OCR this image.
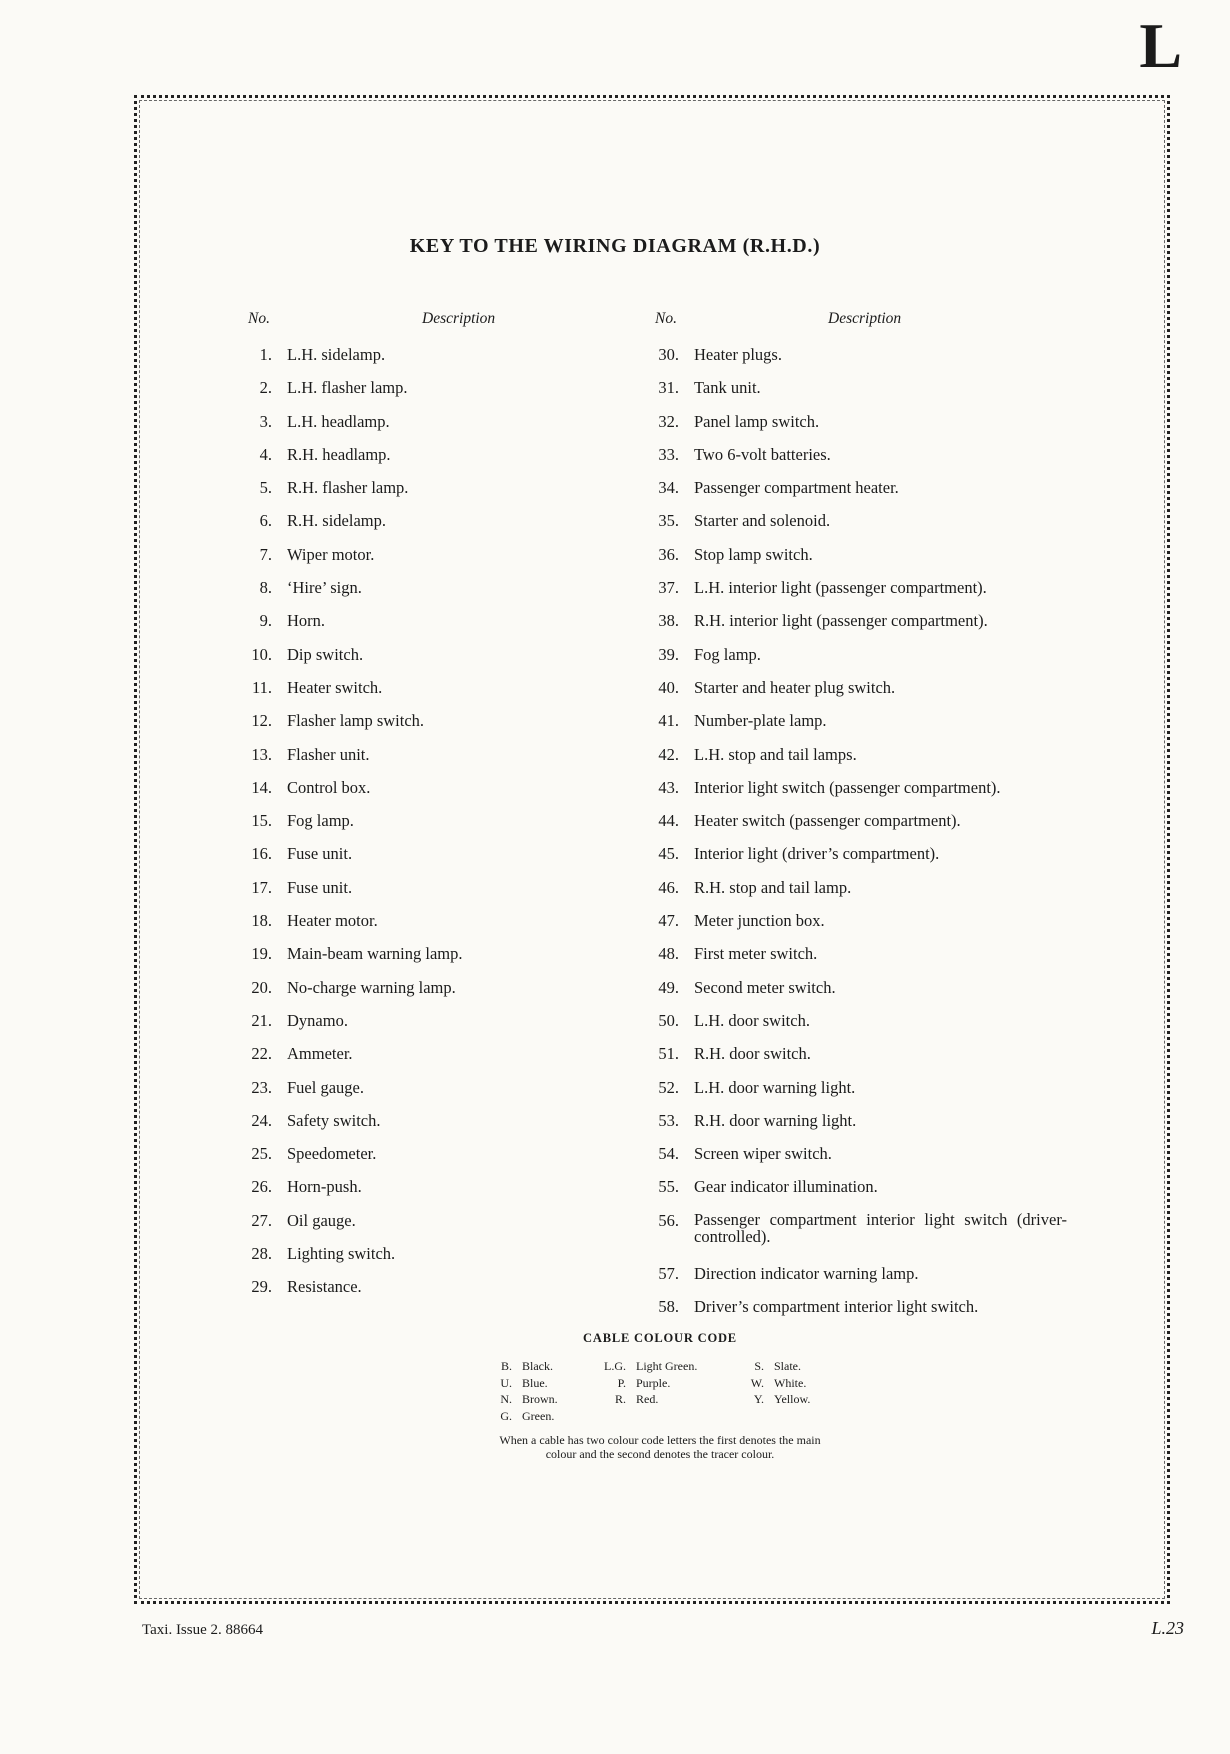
L
KEY TO THE WIRING DIAGRAM (R.H.D.)
No.	Description
1. L.H. sidelamp.
2. L.H. flasher lamp.
3. L.H. headlamp.
4. R.H. headlamp.
5. R.H. flasher lamp.
6. R.H. sidelamp.
7. Wiper motor.
8. ‘Hire’ sign.
9. Horn.
10. Dip switch.
11. Heater switch.
12. Flasher lamp switch.
13. Flasher unit.
14. Control box.
15. Fog lamp.
16. Fuse unit.
17. Fuse unit.
18. Heater motor.
19. Main-beam warning lamp.
20. No-charge warning lamp.
21. Dynamo.
22. Ammeter.
23. Fuel gauge.
24. Safety switch.
25. Speedometer.
26. Horn-push.
27. Oil gauge.
28. Lighting switch.
29. Resistance.
No.	Description
30. Heater plugs.
31. Tank unit.
32. Panel lamp switch.
33. Two 6-volt batteries.
34. Passenger compartment heater.
35. Starter and solenoid.
36. Stop lamp switch.
37. L.H. interior light (passenger compartment).
38. R.H. interior light (passenger compartment).
39. Fog lamp.
40. Starter and heater plug switch.
41. Number-plate lamp.
42. L.H. stop and tail lamps.
43. Interior light switch (passenger compartment).
44. Heater switch (passenger compartment).
45. Interior light (driver’s compartment).
46. R.H. stop and tail lamp.
47. Meter junction box.
48. First meter switch.
49. Second meter switch.
50. L.H. door switch.
51. R.H. door switch.
52. L.H. door warning light.
53. R.H. door warning light.
54. Screen wiper switch.
55. Gear indicator illumination.
56. Passenger compartment interior light switch (driver-controlled).
57. Direction indicator warning lamp.
58. Driver’s compartment interior light switch.
CABLE COLOUR CODE
B. Black.
U. Blue.
N. Brown.
G. Green.
L.G. Light Green.
P. Purple.
R. Red.
S. Slate.
W. White.
Y. Yellow.
When a cable has two colour code letters the first denotes the main
colour and the second denotes the tracer colour.
Taxi. Issue 2. 88664	L.23
